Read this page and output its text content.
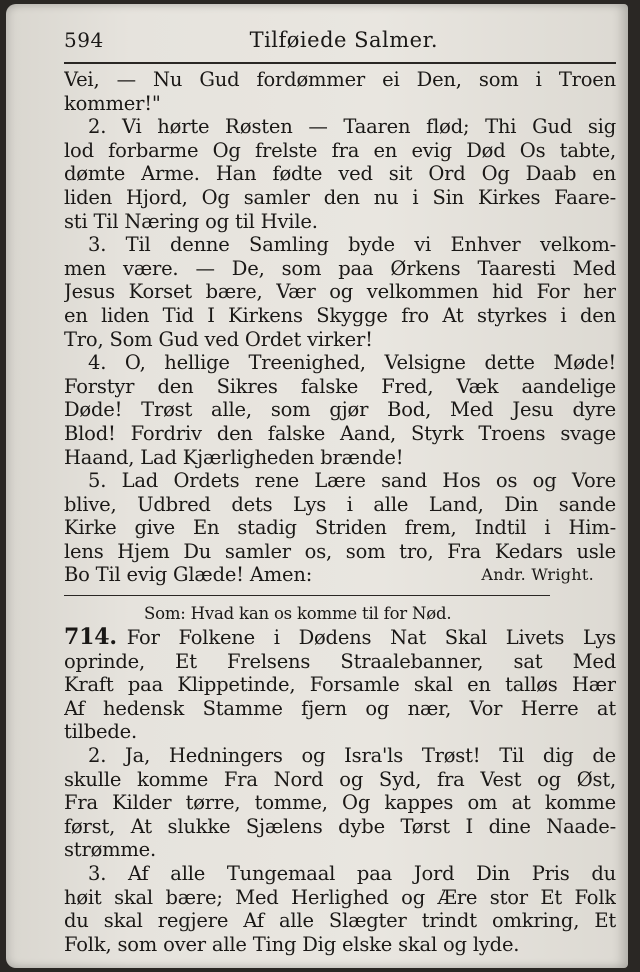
594	Tilføiede Salmer.
Vei, — Nu Gud fordømmer ei Den, som i Troen
kommer!"
2. Vi hørte Røsten — Taaren flød; Thi Gud sig
lod forbarme Og frelste fra en evig Død Os tabte,
dømte Arme. Han fødte ved sit Ord Og Daab en
liden Hjord, Og samler den nu i Sin Kirkes Faare-
sti Til Næring og til Hvile.
3. Til denne Samling byde vi Enhver velkom-
men være. — De, som paa Ørkens Taaresti Med
Jesus Korset bære, Vær og velkommen hid For her
en liden Tid I Kirkens Skygge fro At styrkes i den
Tro, Som Gud ved Ordet virker!
4. O, hellige Treenighed, Velsigne dette Møde!
Forstyr den Sikres falske Fred, Væk aandelige
Døde! Trøst alle, som gjør Bod, Med Jesu dyre
Blod! Fordriv den falske Aand, Styrk Troens svage
Haand, Lad Kjærligheden brænde!
5. Lad Ordets rene Lære sand Hos os og Vore
blive, Udbred dets Lys i alle Land, Din sande
Kirke give En stadig Striden frem, Indtil i Him-
lens Hjem Du samler os, som tro, Fra Kedars usle
Bo Til evig Glæde! Amen:	Andr. Wright.
Som: Hvad kan os komme til for Nød.
714. For Folkene i Dødens Nat Skal Livets Lys
oprinde, Et Frelsens Straalebanner, sat Med
Kraft paa Klippetinde, Forsamle skal en talløs Hær
Af hedensk Stamme fjern og nær, Vor Herre at
tilbede.
2. Ja, Hedningers og Isra'ls Trøst! Til dig de
skulle komme Fra Nord og Syd, fra Vest og Øst,
Fra Kilder tørre, tomme, Og kappes om at komme
først, At slukke Sjælens dybe Tørst I dine Naade-
strømme.
3. Af alle Tungemaal paa Jord Din Pris du
høit skal bære; Med Herlighed og Ære stor Et Folk
du skal regjere Af alle Slægter trindt omkring, Et
Folk, som over alle Ting Dig elske skal og lyde.
